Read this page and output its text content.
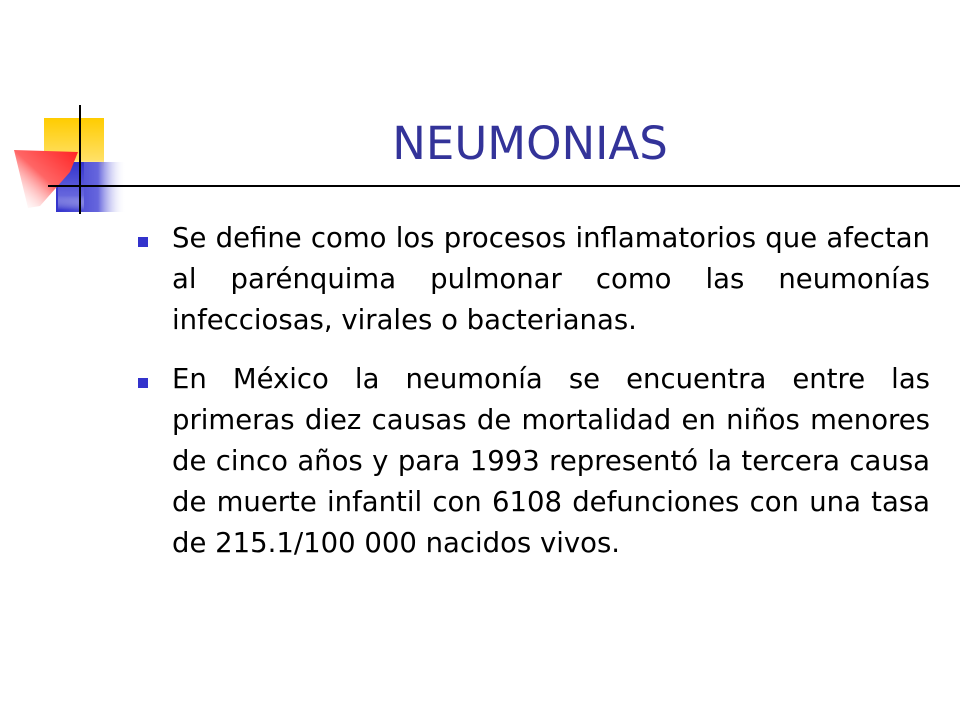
NEUMONIAS
Se define como los procesos inflamatorios que afectan al parénquima pulmonar como las neumonías infecciosas, virales o bacterianas.
En México la neumonía se encuentra entre las primeras diez causas de mortalidad en niños menores de cinco años y para 1993 representó la tercera causa de muerte infantil con 6108 defunciones con una tasa de 215.1/100 000 nacidos vivos.
